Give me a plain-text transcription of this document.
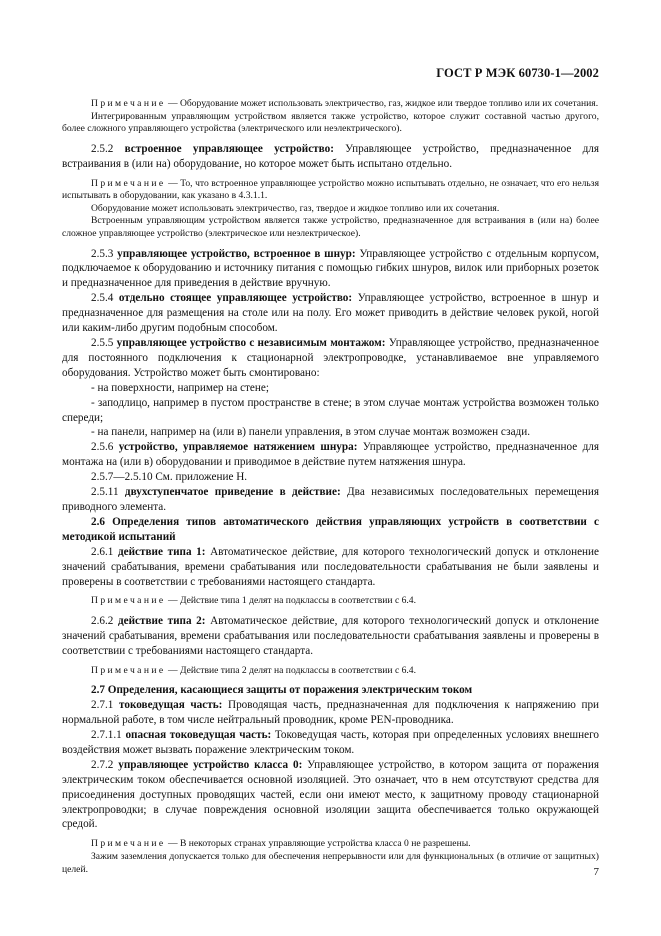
ГОСТ Р МЭК 60730-1—2002

Примечание — Оборудование может использовать электричество, газ, жидкое или твердое топливо или их сочетания.

Интегрированным управляющим устройством является также устройство, которое служит составной частью другого, более сложного управляющего устройства (электрического или неэлектрического).

2.5.2 встроенное управляющее устройство: Управляющее устройство, предназначенное для встраивания в (или на) оборудование, но которое может быть испытано отдельно.

Примечание — То, что встроенное управляющее устройство можно испытывать отдельно, не означает, что его нельзя испытывать в оборудовании, как указано в 4.3.1.1.

Оборудование может использовать электричество, газ, твердое и жидкое топливо или их сочетания.

Встроенным управляющим устройством является также устройство, предназначенное для встраивания в (или на) более сложное управляющее устройство (электрическое или неэлектрическое).

2.5.3 управляющее устройство, встроенное в шнур: Управляющее устройство с отдельным корпусом, подключаемое к оборудованию и источнику питания с помощью гибких шнуров, вилок или приборных розеток и предназначенное для приведения в действие вручную.

2.5.4 отдельно стоящее управляющее устройство: Управляющее устройство, встроенное в шнур и предназначенное для размещения на столе или на полу. Его может приводить в действие человек рукой, ногой или каким-либо другим подобным способом.

2.5.5 управляющее устройство с независимым монтажом: Управляющее устройство, предназначенное для постоянного подключения к стационарной электропроводке, устанавливаемое вне управляемого оборудования. Устройство может быть смонтировано:

- на поверхности, например на стене;

- заподлицо, например в пустом пространстве в стене; в этом случае монтаж устройства возможен только спереди;

- на панели, например на (или в) панели управления, в этом случае монтаж возможен сзади.

2.5.6 устройство, управляемое натяжением шнура: Управляющее устройство, предназначенное для монтажа на (или в) оборудовании и приводимое в действие путем натяжения шнура.

2.5.7—2.5.10 См. приложение Н.

2.5.11 двухступенчатое приведение в действие: Два независимых последовательных перемещения приводного элемента.

2.6 Определения типов автоматического действия управляющих устройств в соответствии с методикой испытаний

2.6.1 действие типа 1: Автоматическое действие, для которого технологический допуск и отклонение значений срабатывания, времени срабатывания или последовательности срабатывания не были заявлены и проверены в соответствии с требованиями настоящего стандарта.

Примечание — Действие типа 1 делят на подклассы в соответствии с 6.4.

2.6.2 действие типа 2: Автоматическое действие, для которого технологический допуск и отклонение значений срабатывания, времени срабатывания или последовательности срабатывания заявлены и проверены в соответствии с требованиями настоящего стандарта.

Примечание — Действие типа 2 делят на подклассы в соответствии с 6.4.

2.7 Определения, касающиеся защиты от поражения электрическим током

2.7.1 токоведущая часть: Проводящая часть, предназначенная для подключения к напряжению при нормальной работе, в том числе нейтральный проводник, кроме PEN-проводника.

2.7.1.1 опасная токоведущая часть: Токоведущая часть, которая при определенных условиях внешнего воздействия может вызвать поражение электрическим током.

2.7.2 управляющее устройство класса 0: Управляющее устройство, в котором защита от поражения электрическим током обеспечивается основной изоляцией. Это означает, что в нем отсутствуют средства для присоединения доступных проводящих частей, если они имеют место, к защитному проводу стационарной электропроводки; в случае повреждения основной изоляции защита обеспечивается только окружающей средой.

Примечание — В некоторых странах управляющие устройства класса 0 не разрешены.

Зажим заземления допускается только для обеспечения непрерывности или для функциональных (в отличие от защитных) целей.	7
